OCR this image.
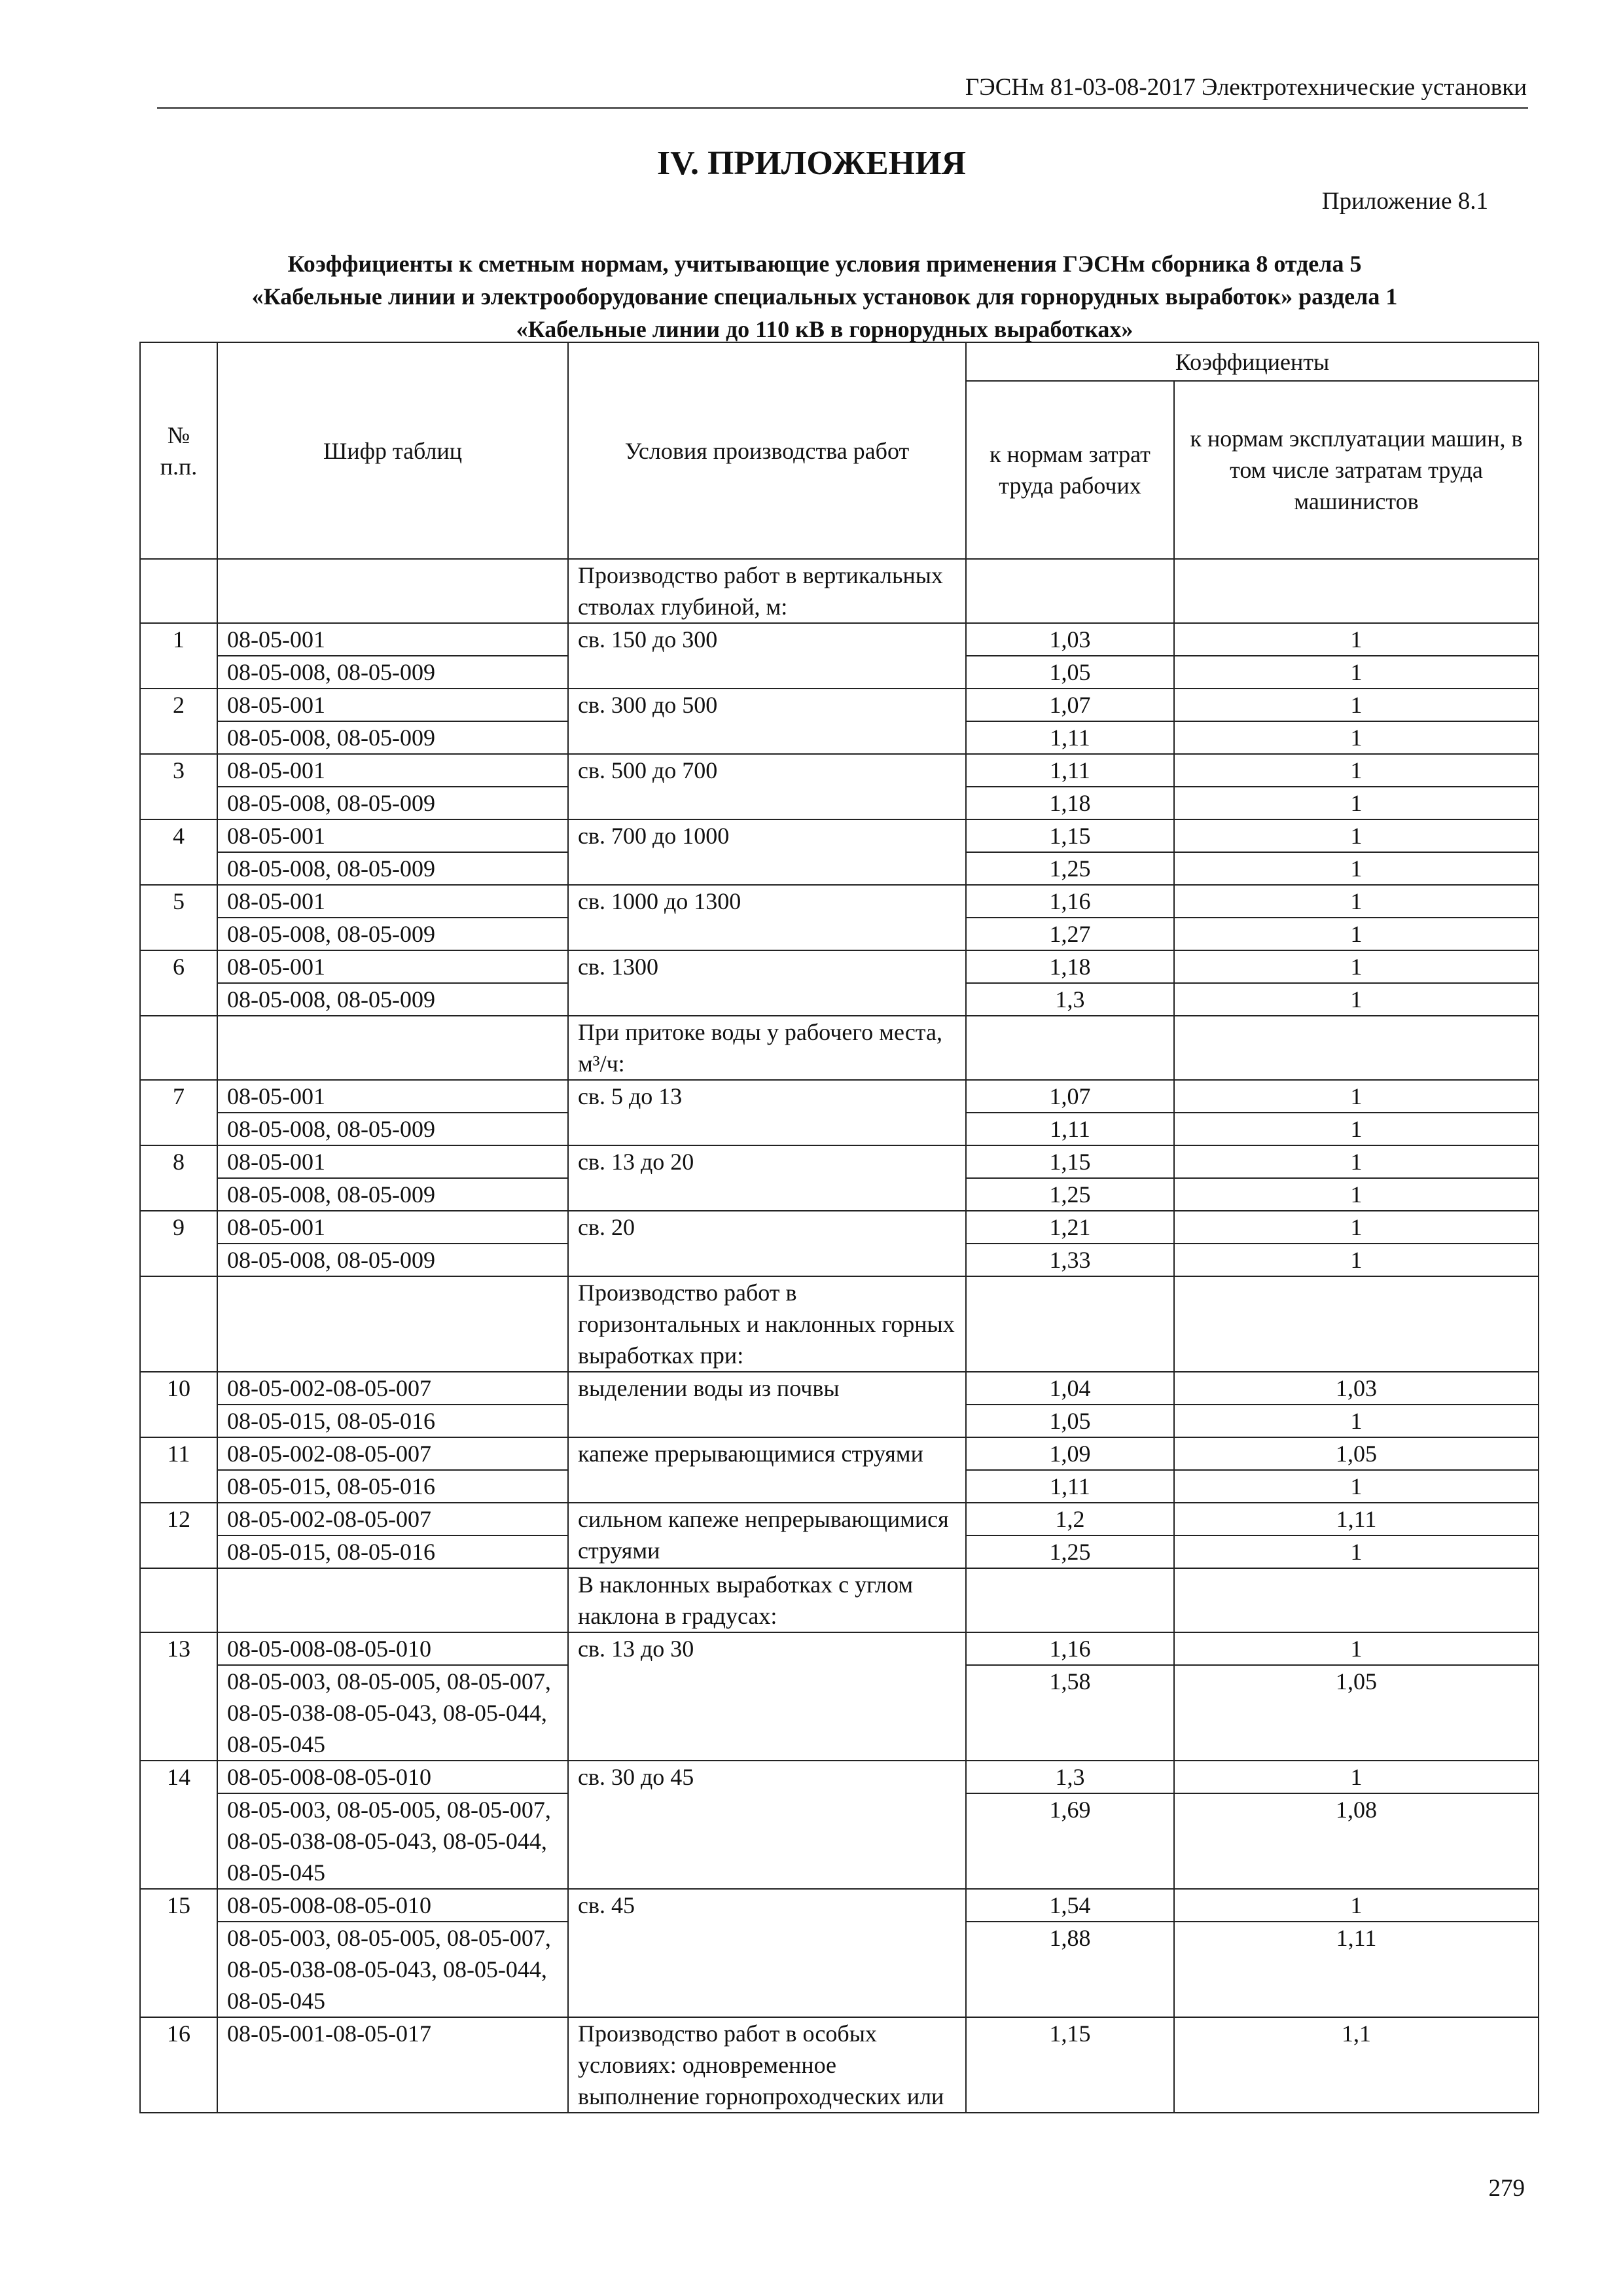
ГЭСНм 81-03-08-2017 Электротехнические установки
IV. ПРИЛОЖЕНИЯ
Приложение 8.1
Коэффициенты к сметным нормам, учитывающие условия применения ГЭСНм сборника 8 отдела 5
«Кабельные линии и электрооборудование специальных установок для горнорудных выработок» раздела 1
«Кабельные линии до 110 кВ в горнорудных выработках»
№ п.п.	Шифр таблиц	Условия производства работ	Коэффициенты	
			к нормам затрат труда рабочих	к нормам эксплуатации машин, в том числе затратам труда машинистов
		Производство работ в вертикальных стволах глубиной, м:		
1	08-05-001	св. 150 до 300	1,03	1
	08-05-008, 08-05-009		1,05	1
2	08-05-001	св. 300 до 500	1,07	1
	08-05-008, 08-05-009		1,11	1
3	08-05-001	св. 500 до 700	1,11	1
	08-05-008, 08-05-009		1,18	1
4	08-05-001	св. 700 до 1000	1,15	1
	08-05-008, 08-05-009		1,25	1
5	08-05-001	св. 1000 до 1300	1,16	1
	08-05-008, 08-05-009		1,27	1
6	08-05-001	св. 1300	1,18	1
	08-05-008, 08-05-009		1,3	1
		При притоке воды у рабочего места, м³/ч:		
7	08-05-001	св. 5 до 13	1,07	1
	08-05-008, 08-05-009		1,11	1
8	08-05-001	св. 13 до 20	1,15	1
	08-05-008, 08-05-009		1,25	1
9	08-05-001	св. 20	1,21	1
	08-05-008, 08-05-009		1,33	1
		Производство работ в горизонтальных и наклонных горных выработках при:		
10	08-05-002-08-05-007	выделении воды из почвы	1,04	1,03
	08-05-015, 08-05-016		1,05	1
11	08-05-002-08-05-007	капеже прерывающимися струями	1,09	1,05
	08-05-015, 08-05-016		1,11	1
12	08-05-002-08-05-007	сильном капеже непрерывающимися струями	1,2	1,11
	08-05-015, 08-05-016		1,25	1
		В наклонных выработках с углом наклона в градусах:		
13	08-05-008-08-05-010	св. 13 до 30	1,16	1
	08-05-003, 08-05-005, 08-05-007, 08-05-038-08-05-043, 08-05-044, 08-05-045		1,58	1,05
14	08-05-008-08-05-010	св. 30 до 45	1,3	1
	08-05-003, 08-05-005, 08-05-007, 08-05-038-08-05-043, 08-05-044, 08-05-045		1,69	1,08
15	08-05-008-08-05-010	св. 45	1,54	1
	08-05-003, 08-05-005, 08-05-007, 08-05-038-08-05-043, 08-05-044, 08-05-045		1,88	1,11
16	08-05-001-08-05-017	Производство работ в особых условиях: одновременное выполнение горнопроходческих или	1,15	1,1
279
